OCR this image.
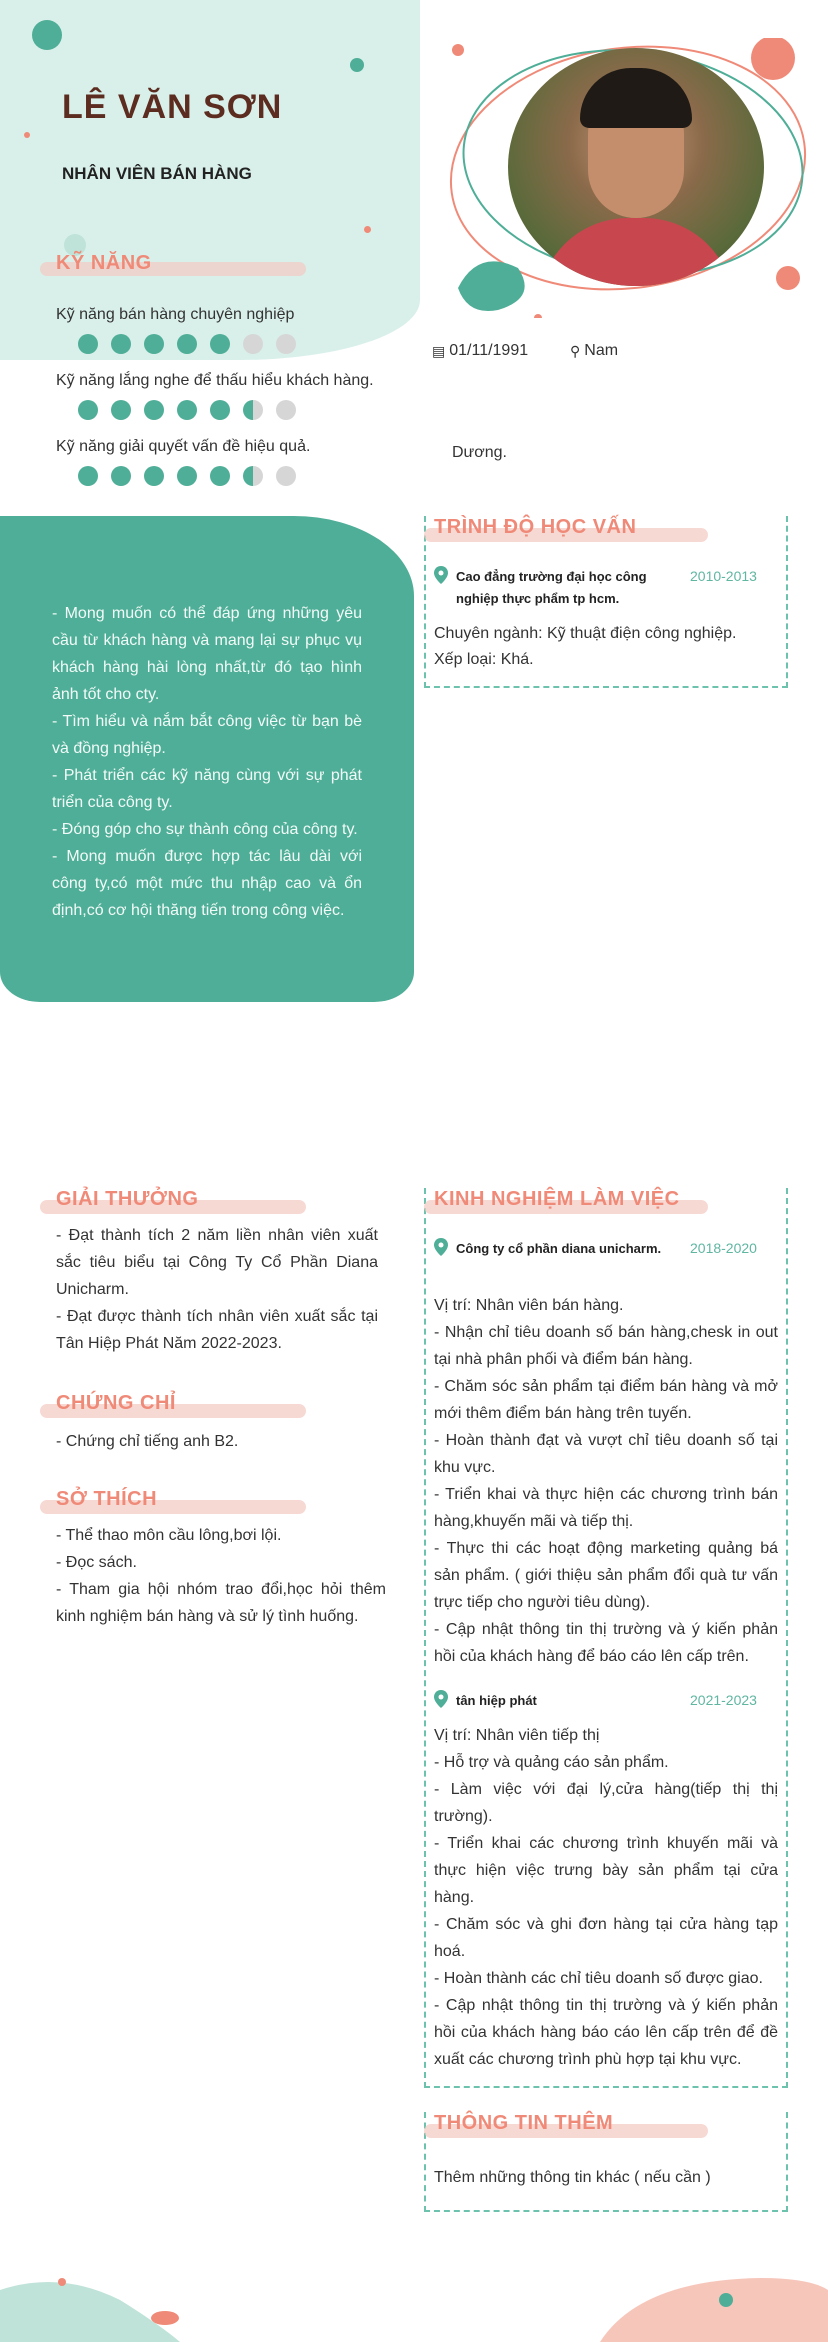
LÊ VĂN SƠN
NHÂN VIÊN BÁN HÀNG
▤ 01/11/1991	⚲ Nam
Dương.
KỸ NĂNG
Kỹ năng bán hàng chuyên nghiệp
Kỹ năng lắng nghe để thấu hiểu khách hàng.
Kỹ năng giải quyết vấn đề hiệu quả.

- Mong muốn có thể đáp ứng những yêu cầu từ khách hàng và mang lại sự phục vụ khách hàng hài lòng nhất,từ đó tạo hình ảnh tốt cho cty.

- Tìm hiểu và nắm bắt công việc từ bạn bè và đồng nghiệp.

- Phát triển các kỹ năng cùng với sự phát triển của công ty.

- Đóng góp cho sự thành công của công ty.

- Mong muốn được hợp tác lâu dài với công ty,có một mức thu nhập cao và ổn định,có cơ hội thăng tiến trong công việc.

TRÌNH ĐỘ HỌC VẤN
Cao đẳng trường đại học công nghiệp thực phẩm tp hcm.
2010-2013
Chuyên ngành: Kỹ thuật điện công nghiệp.
Xếp loại: Khá.
GIẢI THƯỞNG

- Đạt thành tích 2 năm liền nhân viên xuất sắc tiêu biểu tại Công Ty Cổ Phần Diana Unicharm.

- Đạt được thành tích nhân viên xuất sắc tại Tân Hiệp Phát Năm 2022-2023.

CHỨNG CHỈ
- Chứng chỉ tiếng anh B2.
SỞ THÍCH

- Thể thao môn cầu lông,bơi lội.

- Đọc sách.

- Tham gia hội nhóm trao đổi,học hỏi thêm kinh nghiệm bán hàng và sử lý tình huống.

KINH NGHIỆM LÀM VIỆC
Công ty cổ phần diana unicharm.	2018-2020

Vị trí: Nhân viên bán hàng.

- Nhận chỉ tiêu doanh số bán hàng,chesk in out tại nhà phân phối và điểm bán hàng.

- Chăm sóc sản phẩm tại điểm bán hàng và mở mới thêm điểm bán hàng trên tuyến.

- Hoàn thành đạt và vượt chỉ tiêu doanh số tại khu vực.

- Triển khai và thực hiện các chương trình bán hàng,khuyến mãi và tiếp thị.

- Thực thi các hoạt động marketing quảng bá sản phẩm. ( giới thiệu sản phẩm đổi quà tư vấn trực tiếp cho người tiêu dùng).

- Cập nhật thông tin thị trường và ý kiến phản hồi của khách hàng để báo cáo lên cấp trên.

tân hiệp phát	2021-2023

Vị trí: Nhân viên tiếp thị

- Hỗ trợ và quảng cáo sản phẩm.

- Làm việc với đại lý,cửa hàng(tiếp thị thị trường).

- Triển khai các chương trình khuyến mãi và thực hiện việc trưng bày sản phẩm tại cửa hàng.

- Chăm sóc và ghi đơn hàng tại cửa hàng tạp hoá.

- Hoàn thành các chỉ tiêu doanh số được giao.

- Cập nhật thông tin thị trường và ý kiến phản hồi của khách hàng báo cáo lên cấp trên để đề xuất các chương trình phù hợp tại khu vực.

THÔNG TIN THÊM
Thêm những thông tin khác ( nếu cần )
